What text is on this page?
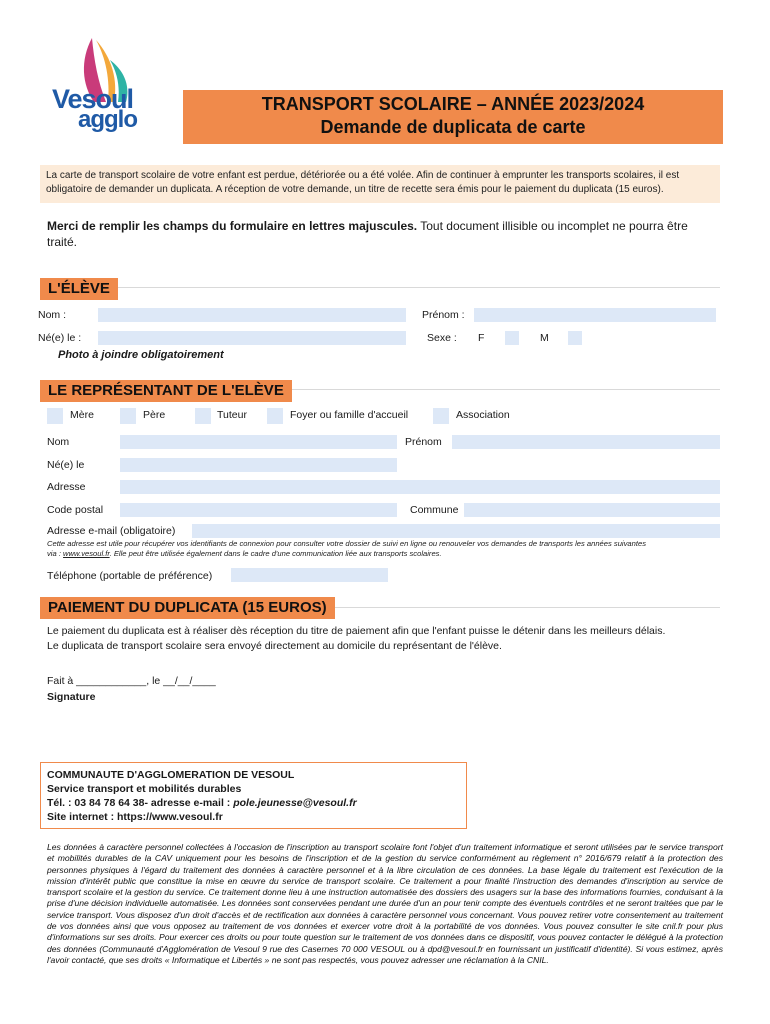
Vesoul
agglo
TRANSPORT SCOLAIRE – ANNÉE 2023/2024
Demande de duplicata de carte
La carte de transport scolaire de votre enfant est perdue, détériorée ou a été volée. Afin de continuer à emprunter les transports scolaires, il est obligatoire de demander un duplicata. A réception de votre demande, un titre de recette sera émis pour le paiement du duplicata (15 euros).
Merci de remplir les champs du formulaire en lettres majuscules. Tout document illisible ou incomplet ne pourra être traité.
L'ÉLÈVE
Nom :	Prénom :
Né(e) le :	Sexe : F	M
Photo à joindre obligatoirement
LE REPRÉSENTANT DE L'ELÈVE
Mère	Père	Tuteur	Foyer ou famille d'accueil	Association
Nom	Prénom
Né(e) le
Adresse
Code postal	Commune
Adresse e-mail (obligatoire)
Cette adresse est utile pour récupérer vos identifiants de connexion pour consulter votre dossier de suivi en ligne ou renouveler vos demandes de transports les années suivantes
via : www.vesoul.fr. Elle peut être utilisée également dans le cadre d'une communication liée aux transports scolaires.
Téléphone (portable de préférence)
PAIEMENT DU DUPLICATA (15 EUROS)
Le paiement du duplicata est à réaliser dès réception du titre de paiement afin que l'enfant puisse le détenir dans les meilleurs délais.
Le duplicata de transport scolaire sera envoyé directement au domicile du représentant de l'élève.
Fait à ____________, le __/__/____
Signature
COMMUNAUTE D'AGGLOMERATION DE VESOUL
Service transport et mobilités durables
Tél. : 03 84 78 64 38- adresse e-mail : pole.jeunesse@vesoul.fr
Site internet : https://www.vesoul.fr
Les données à caractère personnel collectées à l'occasion de l'inscription au transport scolaire font l'objet d'un traitement informatique et seront utilisées par le service transport et mobilités durables de la CAV uniquement pour les besoins de l'inscription et de la gestion du service conformément au règlement n° 2016/679 relatif à la protection des personnes physiques à l'égard du traitement des données à caractère personnel et à la libre circulation de ces données. La base légale du traitement est l'exécution de la mission d'intérêt public que constitue la mise en œuvre du service de transport scolaire. Ce traitement a pour finalité l'instruction des demandes d'inscription au service de transport scolaire et la gestion du service. Ce traitement donne lieu à une instruction automatisée des dossiers des usagers sur la base des informations fournies, conduisant à la prise d'une décision individuelle automatisée. Les données sont conservées pendant une durée d'un an pour tenir compte des éventuels contrôles et ne seront traitées que par le service transport. Vous disposez d'un droit d'accès et de rectification aux données à caractère personnel vous concernant. Vous pouvez retirer votre consentement au traitement de vos données ainsi que vous opposez au traitement de vos données et exercer votre droit à la portabilité de vos données. Vous pouvez consulter le site cnil.fr pour plus d'informations sur ses droits. Pour exercer ces droits ou pour toute question sur le traitement de vos données dans ce dispositif, vous pouvez contacter le délégué à la protection des données (Communauté d'Agglomération de Vesoul 9 rue des Casernes 70 000 VESOUL ou à dpd@vesoul.fr en fournissant un justificatif d'identité). Si vous estimez, après l'avoir contacté, que ses droits « Informatique et Libertés » ne sont pas respectés, vous pouvez adresser une réclamation à la CNIL.
